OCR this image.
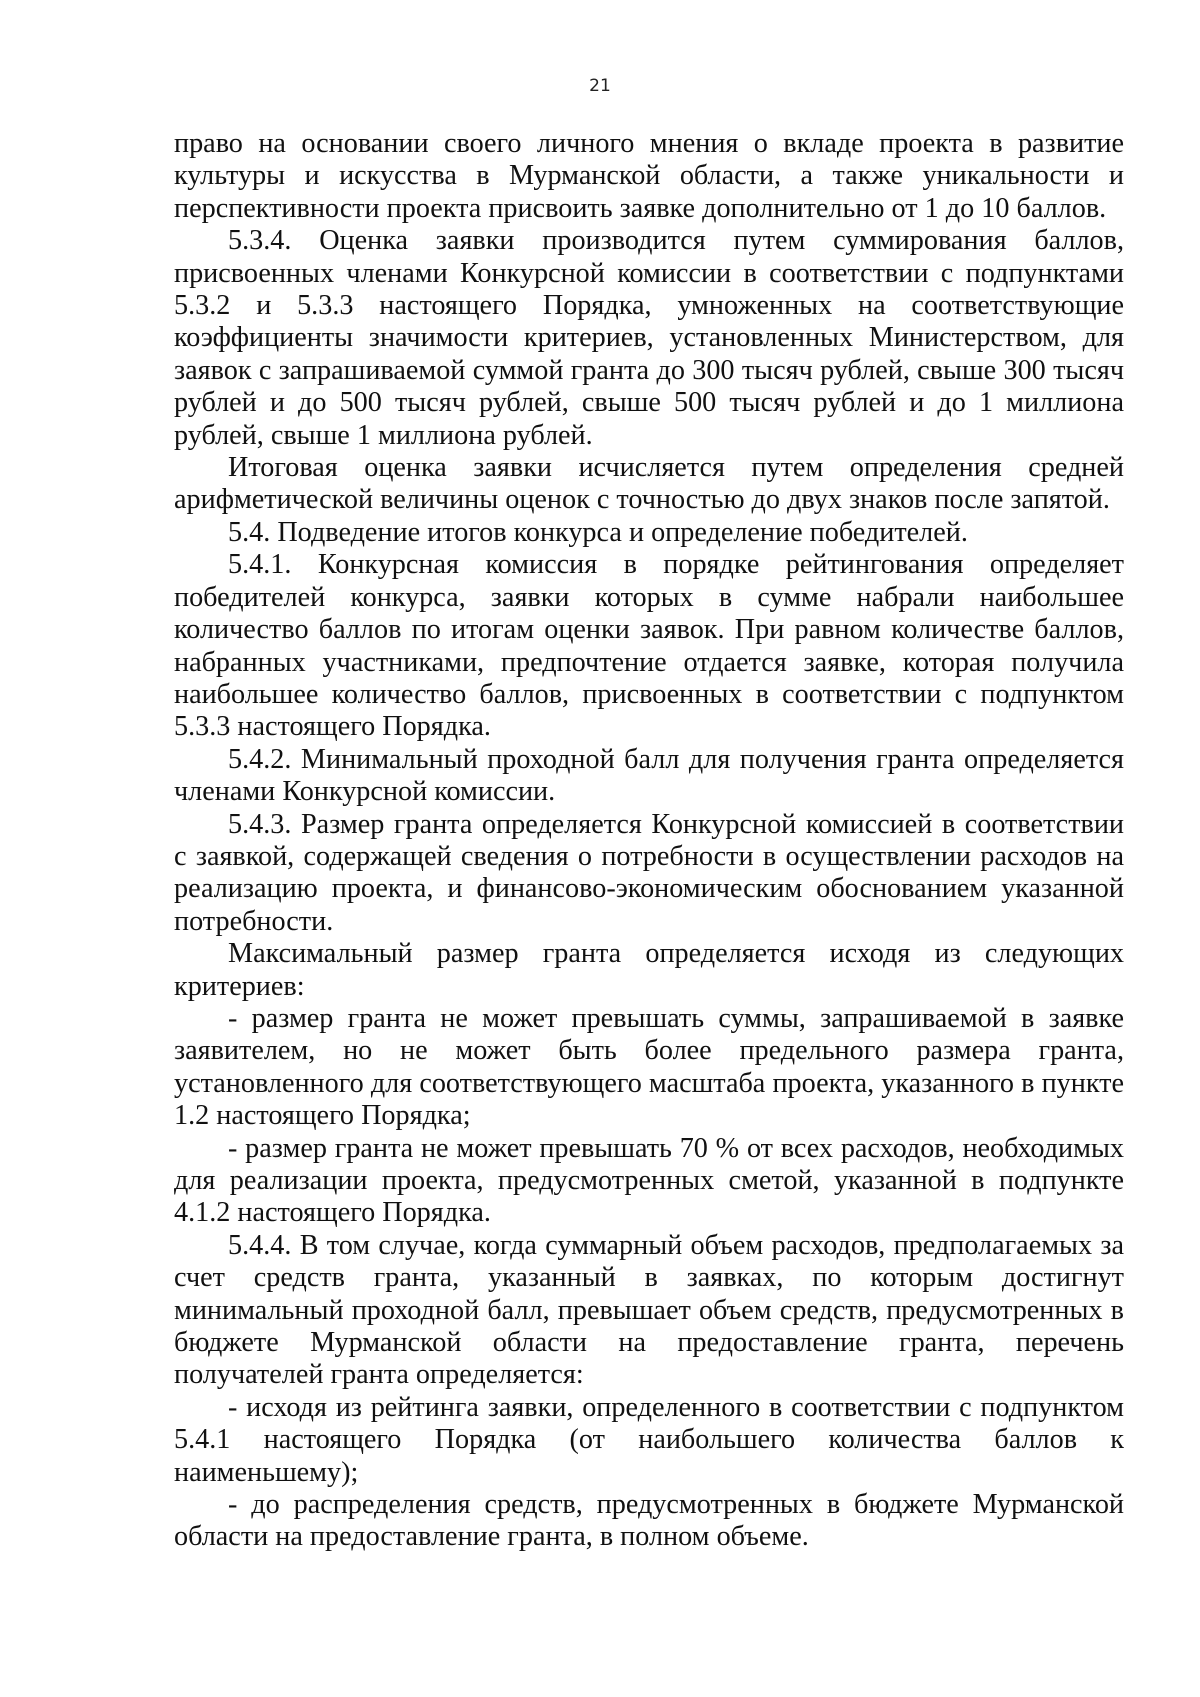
21

право на основании своего личного мнения о вкладе проекта в развитие культуры и искусства в Мурманской области, а также уникальности и перспективности проекта присвоить заявке дополнительно от 1 до 10 баллов.

5.3.4. Оценка заявки производится путем суммирования баллов, присвоенных членами Конкурсной комиссии в соответствии с подпунктами 5.3.2 и 5.3.3 настоящего Порядка, умноженных на соответствующие коэффициенты значимости критериев, установленных Министерством, для заявок с запрашиваемой суммой гранта до 300 тысяч рублей, свыше 300 тысяч рублей и до 500 тысяч рублей, свыше 500 тысяч рублей и до 1 миллиона рублей, свыше 1 миллиона рублей.

Итоговая оценка заявки исчисляется путем определения средней арифметической величины оценок с точностью до двух знаков после запятой.

5.4. Подведение итогов конкурса и определение победителей.

5.4.1. Конкурсная комиссия в порядке рейтингования определяет победителей конкурса, заявки которых в сумме набрали наибольшее количество баллов по итогам оценки заявок. При равном количестве баллов, набранных участниками, предпочтение отдается заявке, которая получила наибольшее количество баллов, присвоенных в соответствии с подпунктом 5.3.3 настоящего Порядка.

5.4.2. Минимальный проходной балл для получения гранта определяется членами Конкурсной комиссии.

5.4.3. Размер гранта определяется Конкурсной комиссией в соответствии с заявкой, содержащей сведения о потребности в осуществлении расходов на реализацию проекта, и финансово-экономическим обоснованием указанной потребности.

Максимальный размер гранта определяется исходя из следующих критериев:

- размер гранта не может превышать суммы, запрашиваемой в заявке заявителем, но не может быть более предельного размера гранта, установленного для соответствующего масштаба проекта, указанного в пункте 1.2 настоящего Порядка;

- размер гранта не может превышать 70 % от всех расходов, необходимых для реализации проекта, предусмотренных сметой, указанной в подпункте 4.1.2 настоящего Порядка.

5.4.4. В том случае, когда суммарный объем расходов, предполагаемых за счет средств гранта, указанный в заявках, по которым достигнут минимальный проходной балл, превышает объем средств, предусмотренных в бюджете Мурманской области на предоставление гранта, перечень получателей гранта определяется:

- исходя из рейтинга заявки, определенного в соответствии с подпунктом 5.4.1 настоящего Порядка (от наибольшего количества баллов к наименьшему);

- до распределения средств, предусмотренных в бюджете Мурманской области на предоставление гранта, в полном объеме.
